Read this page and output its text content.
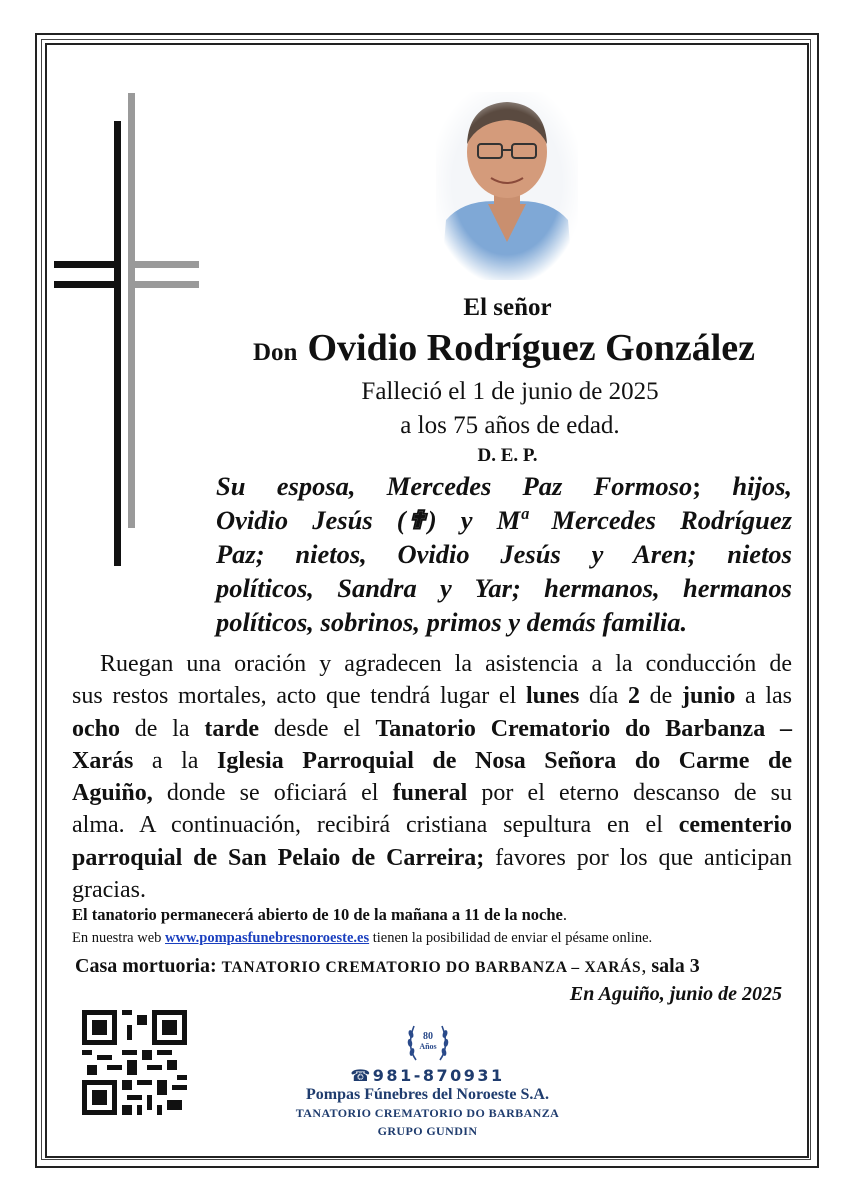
El señor
Don Ovidio Rodríguez González
Falleció el 1 de junio de 2025
a los 75 años de edad.
D. E. P.
Su esposa, Mercedes Paz Formoso; hijos,
Ovidio Jesús (✟) y Mª Mercedes Rodríguez
Paz; nietos, Ovidio Jesús y Aren; nietos
políticos, Sandra y Yar; hermanos, hermanos
políticos, sobrinos, primos y demás familia.
Ruegan una oración y agradecen la asistencia a la conducción de
sus restos mortales, acto que tendrá lugar el lunes día 2 de junio a las
ocho de la tarde desde el Tanatorio Crematorio do Barbanza –
Xarás a la Iglesia Parroquial de Nosa Señora do Carme de
Aguiño, donde se oficiará el funeral por el eterno descanso de su
alma. A continuación, recibirá cristiana sepultura en el cementerio
parroquial de San Pelaio de Carreira; favores por los que anticipan
gracias.
El tanatorio permanecerá abierto de 10 de la mañana a 11 de la noche.
En nuestra web www.pompasfunebresnoroeste.es tienen la posibilidad de enviar el pésame online.
Casa mortuoria: TANATORIO CREMATORIO DO BARBANZA – XARÁS, sala 3
En Aguiño, junio de 2025
80
Años
☎981-870931
Pompas Fúnebres del Noroeste S.A.
TANATORIO CREMATORIO DO BARBANZA
GRUPO GUNDIN
